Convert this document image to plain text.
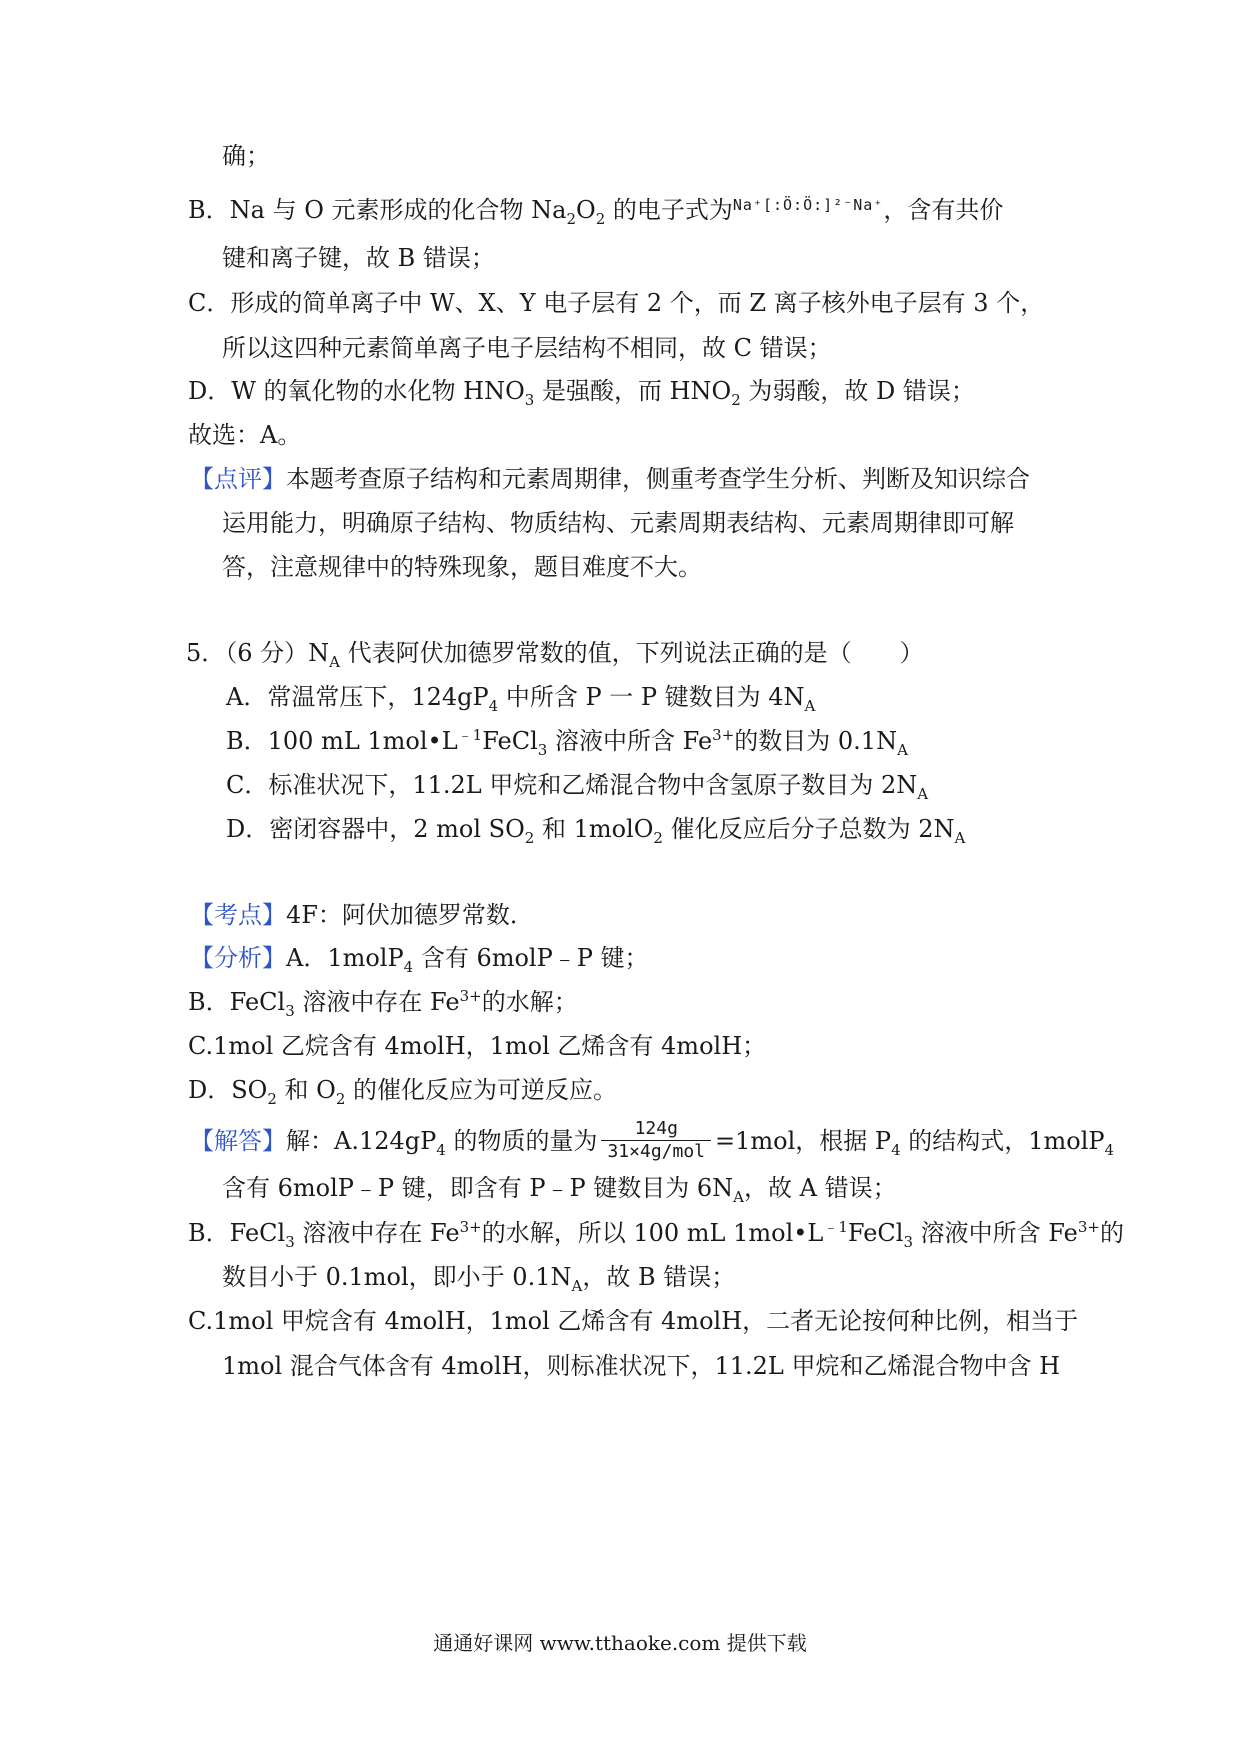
确；
B．Na 与 O 元素形成的化合物 $Na_2O_2$ 的电子式为$^{Na^+[:Ö:Ö:]^{2-}Na^+}$，含有共价
键和离子键，故 B 错误；
C．形成的简单离子中 W、X、Y 电子层有 2 个，而 Z 离子核外电子层有 3 个，
所以这四种元素简单离子电子层结构不相同，故 C 错误；
D．W 的氧化物的水化物 $HNO_3$ 是强酸，而 $HNO_2$ 为弱酸，故 D 错误；
故选：A。
【点评】本题考查原子结构和元素周期律，侧重考查学生分析、判断及知识综合
运用能力，明确原子结构、物质结构、元素周期表结构、元素周期律即可解
答，注意规律中的特殊现象，题目难度不大。
5．（6 分）$N_A$ 代表阿伏加德罗常数的值，下列说法正确的是（　　）
A．常温常压下，$124gP_4$ 中所含 P 一 P 键数目为 $4N_A$
B．100 mL $1mol•L^{﹣1}FeCl_3$ 溶液中所含 $Fe^{3+}$的数目为 $0.1N_A$
C．标准状况下，11.2L 甲烷和乙烯混合物中含氢原子数目为 $2N_A$
D．密闭容器中，2 mol $SO_2$ 和 1molO$_2$ 催化反应后分子总数为 $2N_A$
【考点】4F：阿伏加德罗常数．
【分析】A．1molP$_4$ 含有 6molP﹣P 键；
B．FeCl$_3$ 溶液中存在 $Fe^{3+}$的水解；
C.1mol 乙烷含有 4molH，1mol 乙烯含有 4molH；
D．$SO_2$ 和 $O_2$ 的催化反应为可逆反应。
【解答】解：$A.124gP_4$ 的物质的量为 $\frac{124g}{\text{31×4g/mol}} =1mol$，根据 $P_4$ 的结构式，1molP$_4$
含有 6molP﹣P 键，即含有 P﹣P 键数目为 $6N_A$，故 A 错误；
B．FeCl$_3$ 溶液中存在 $Fe^{3+}$的水解，所以 100 mL $1mol•L^{﹣1}FeCl_3$ 溶液中所含 $Fe^{3+}$的
数目小于 0.1mol，即小于 $0.1N_A$，故 B 错误；
C.1mol 甲烷含有 4molH，1mol 乙烯含有 4molH，二者无论按何种比例，相当于
1mol 混合气体含有 4molH，则标准状况下，11.2L 甲烷和乙烯混合物中含 H
通通好课网 www.tthaoke.com 提供下载
